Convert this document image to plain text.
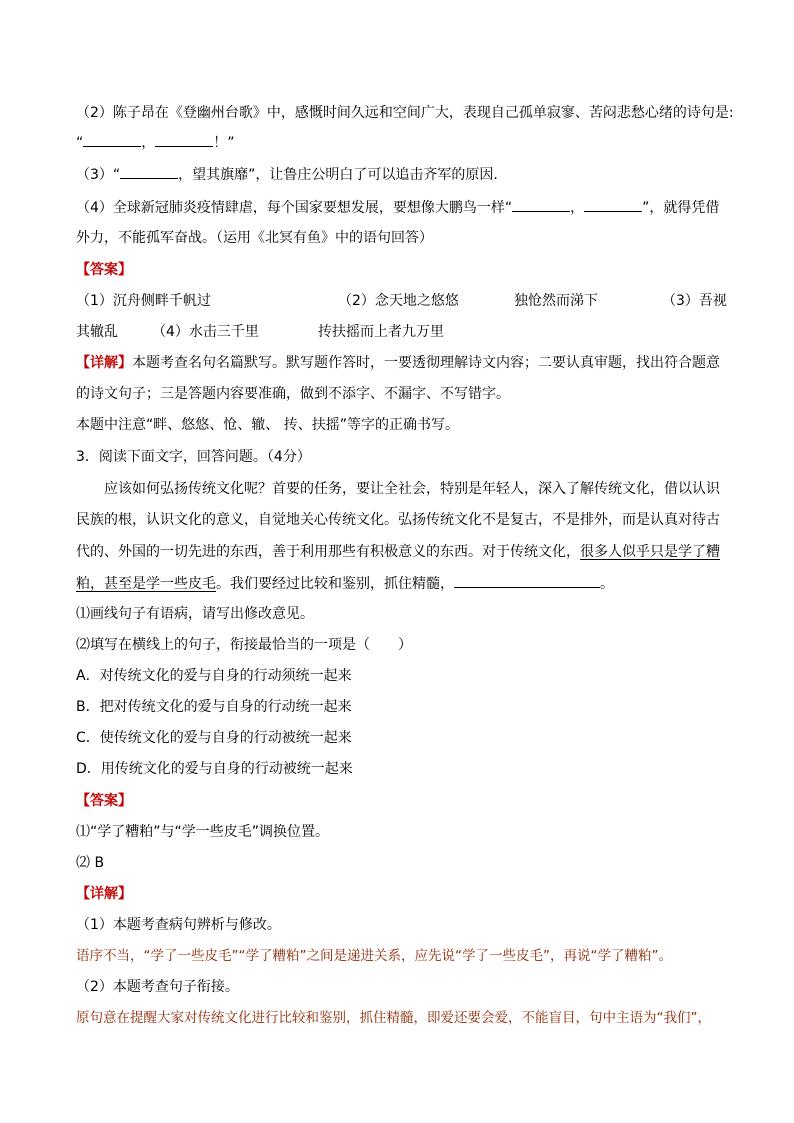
（2）陈子昂在《登幽州台歌》中，感慨时间久远和空间广大，表现自己孤单寂寥、苦闷悲愁心绪的诗句是:
“	，	！”
（3）“	，望其旗靡”，让鲁庄公明白了可以追击齐军的原因.
（4）全球新冠肺炎疫情肆虐，每个国家要想发展，要想像大鹏鸟一样“	，	”，就得凭借
外力，不能孤军奋战。（运用《北冥有鱼》中的语句回答）
【答案】
（1）沉舟侧畔千帆过	（2）念天地之悠悠	独怆然而涕下	（3）吾视
其辙乱 （4）水击三千里	抟扶摇而上者九万里
【详解】本题考查名句名篇默写。默写题作答时，一要透彻理解诗文内容；二要认真审题，找出符合题意
的诗文句子；三是答题内容要准确，做到不添字、不漏字、不写错字。
本题中注意“畔、悠悠、怆、辙、 抟、扶摇”等字的正确书写。
3．阅读下面文字，回答问题。（4分）
应该如何弘扬传统文化呢？首要的任务，要让全社会，特别是年轻人，深入了解传统文化，借以认识
民族的根，认识文化的意义，自觉地关心传统文化。弘扬传统文化不是复古，不是排外，而是认真对待古
代的、外国的一切先进的东西，善于利用那些有积极意义的东西。对于传统文化，很多人似乎只是学了糟
粕，甚至是学一些皮毛。我们要经过比较和鉴别，抓住精髓，	。
⑴画线句子有语病，请写出修改意见。
⑵填写在横线上的句子，衔接最恰当的一项是（　　）
A．对传统文化的爱与自身的行动须统一起来
B．把对传统文化的爱与自身的行动统一起来
C．使传统文化的爱与自身的行动被统一起来
D．用传统文化的爱与自身的行动被统一起来
【答案】
⑴“学了糟粕”与“学一些皮毛”调换位置。
⑵ B
【详解】
（1）本题考查病句辨析与修改。
语序不当，“学了一些皮毛”“学了糟粕”之间是递进关系，应先说“学了一些皮毛”，再说“学了糟粕”。
（2）本题考查句子衔接。
原句意在提醒大家对传统文化进行比较和鉴别，抓住精髓，即爱还要会爱，不能盲目，句中主语为“我们”，
